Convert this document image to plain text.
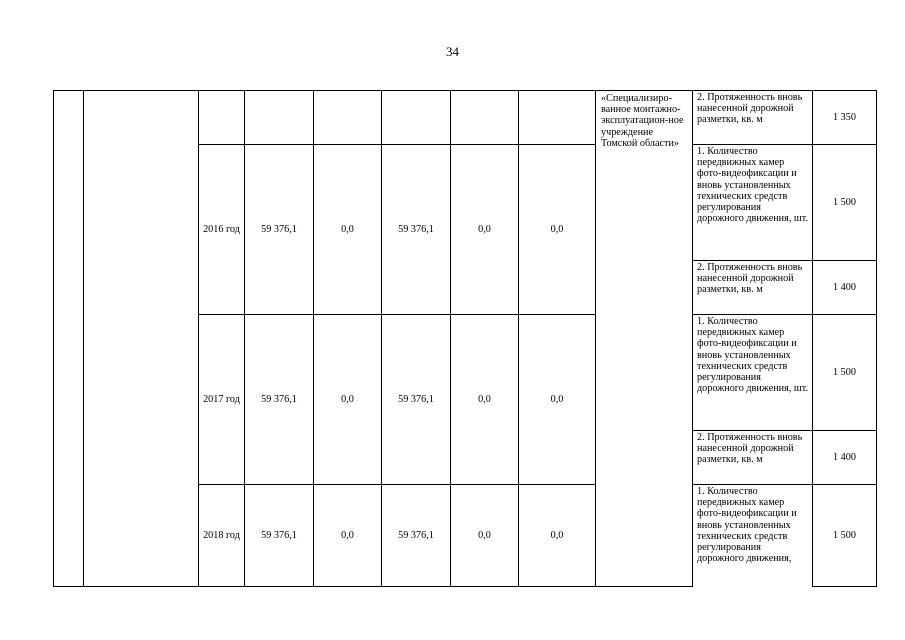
34
								«Специализиро-ванное монтажно-эксплуатацион-ное учреждение Томской области»	2. Протяженность вновь нанесенной дорожной разметки, кв. м	1 350
		2016 год	59 376,1	0,0	59 376,1	0,0	0,0		1. Количество передвижных камер фото-видеофиксации и вновь установленных технических средств регулирования дорожного движения, шт.	1 500
									2. Протяженность вновь нанесенной дорожной разметки, кв. м	1 400
		2017 год	59 376,1	0,0	59 376,1	0,0	0,0		1. Количество передвижных камер фото-видеофиксации и вновь установленных технических средств регулирования дорожного движения, шт.	1 500
									2. Протяженность вновь нанесенной дорожной разметки, кв. м	1 400
		2018 год	59 376,1	0,0	59 376,1	0,0	0,0		1. Количество передвижных камер фото-видеофиксации и вновь установленных технических средств регулирования дорожного движения,	1 500
